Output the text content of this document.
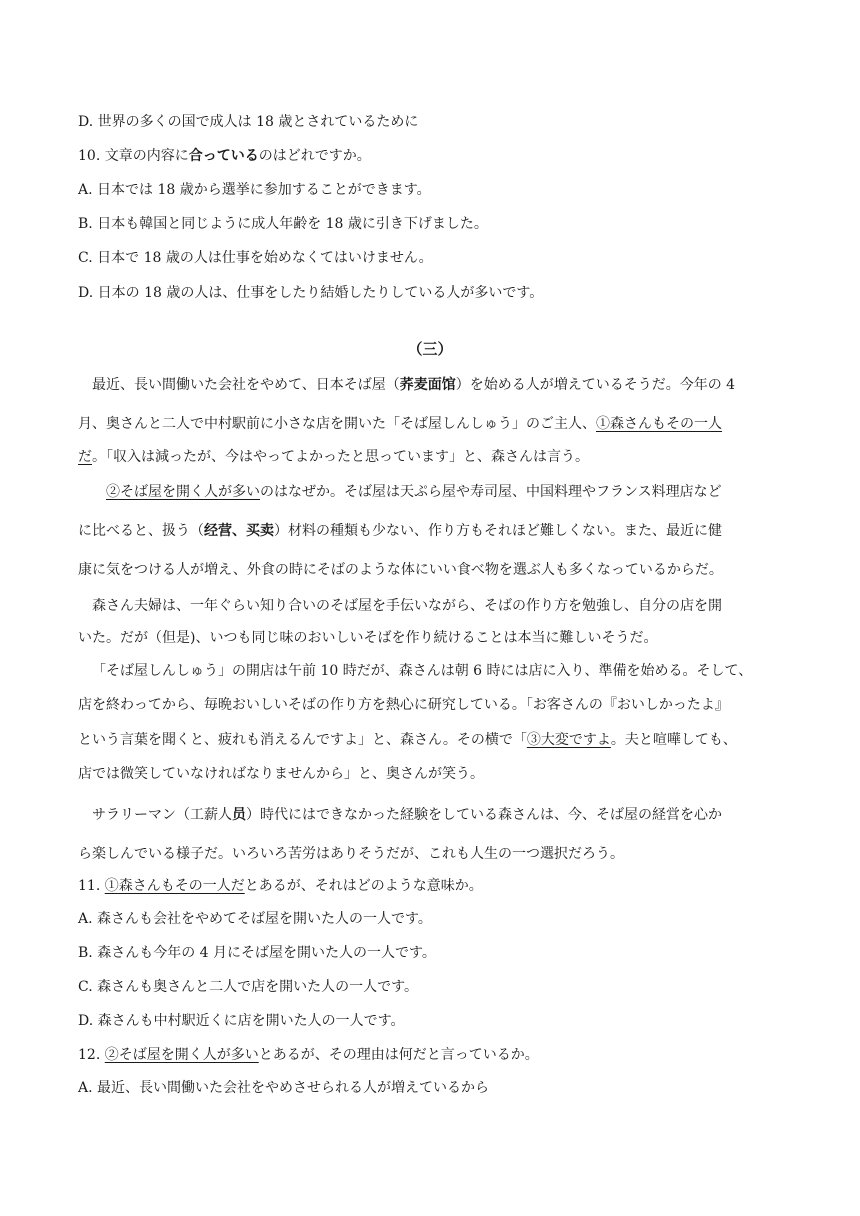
D. 世界の多くの国で成人は 18 歳とされているために
10. 文章の内容に合っているのはどれですか。
A. 日本では 18 歳から選挙に参加することができます。
B. 日本も韓国と同じように成人年齢を 18 歳に引き下げました。
C. 日本で 18 歳の人は仕事を始めなくてはいけません。
D. 日本の 18 歳の人は、仕事をしたり結婚したりしている人が多いです。
（三）
最近、長い間働いた会社をやめて、日本そば屋（荞麦面馆）を始める人が増えているそうだ。今年の 4
月、奥さんと二人で中村駅前に小さな店を開いた「そば屋しんしゅう」のご主人、①森さんもその一人
だ。「収入は減ったが、今はやってよかったと思っています」と、森さんは言う。
②そば屋を開く人が多いのはなぜか。そば屋は天ぷら屋や寿司屋、中国料理やフランス料理店など
に比べると、扱う（经营、买卖）材料の種類も少ない、作り方もそれほど難しくない。また、最近に健
康に気をつける人が増え、外食の時にそばのような体にいい食べ物を選ぶ人も多くなっているからだ。
森さん夫婦は、一年ぐらい知り合いのそば屋を手伝いながら、そばの作り方を勉強し、自分の店を開
いた。だが（但是)、いつも同じ味のおいしいそばを作り続けることは本当に難しいそうだ。
「そば屋しんしゅう」の開店は午前 10 時だが、森さんは朝 6 時には店に入り、準備を始める。そして、
店を終わってから、毎晩おいしいそばの作り方を熱心に研究している。「お客さんの『おいしかったよ』
という言葉を聞くと、疲れも消えるんですよ」と、森さん。その横で「③大変ですよ。夫と喧嘩しても、
店では微笑していなければなりませんから」と、奥さんが笑う。
サラリーマン（工薪人员）時代にはできなかった経験をしている森さんは、今、そば屋の経営を心か
ら楽しんでいる様子だ。いろいろ苦労はありそうだが、これも人生の一つ選択だろう。
11. ①森さんもその一人だとあるが、それはどのような意味か。
A. 森さんも会社をやめてそば屋を開いた人の一人です。
B. 森さんも今年の 4 月にそば屋を開いた人の一人です。
C. 森さんも奥さんと二人で店を開いた人の一人です。
D. 森さんも中村駅近くに店を開いた人の一人です。
12. ②そば屋を開く人が多いとあるが、その理由は何だと言っているか。
A. 最近、長い間働いた会社をやめさせられる人が増えているから
